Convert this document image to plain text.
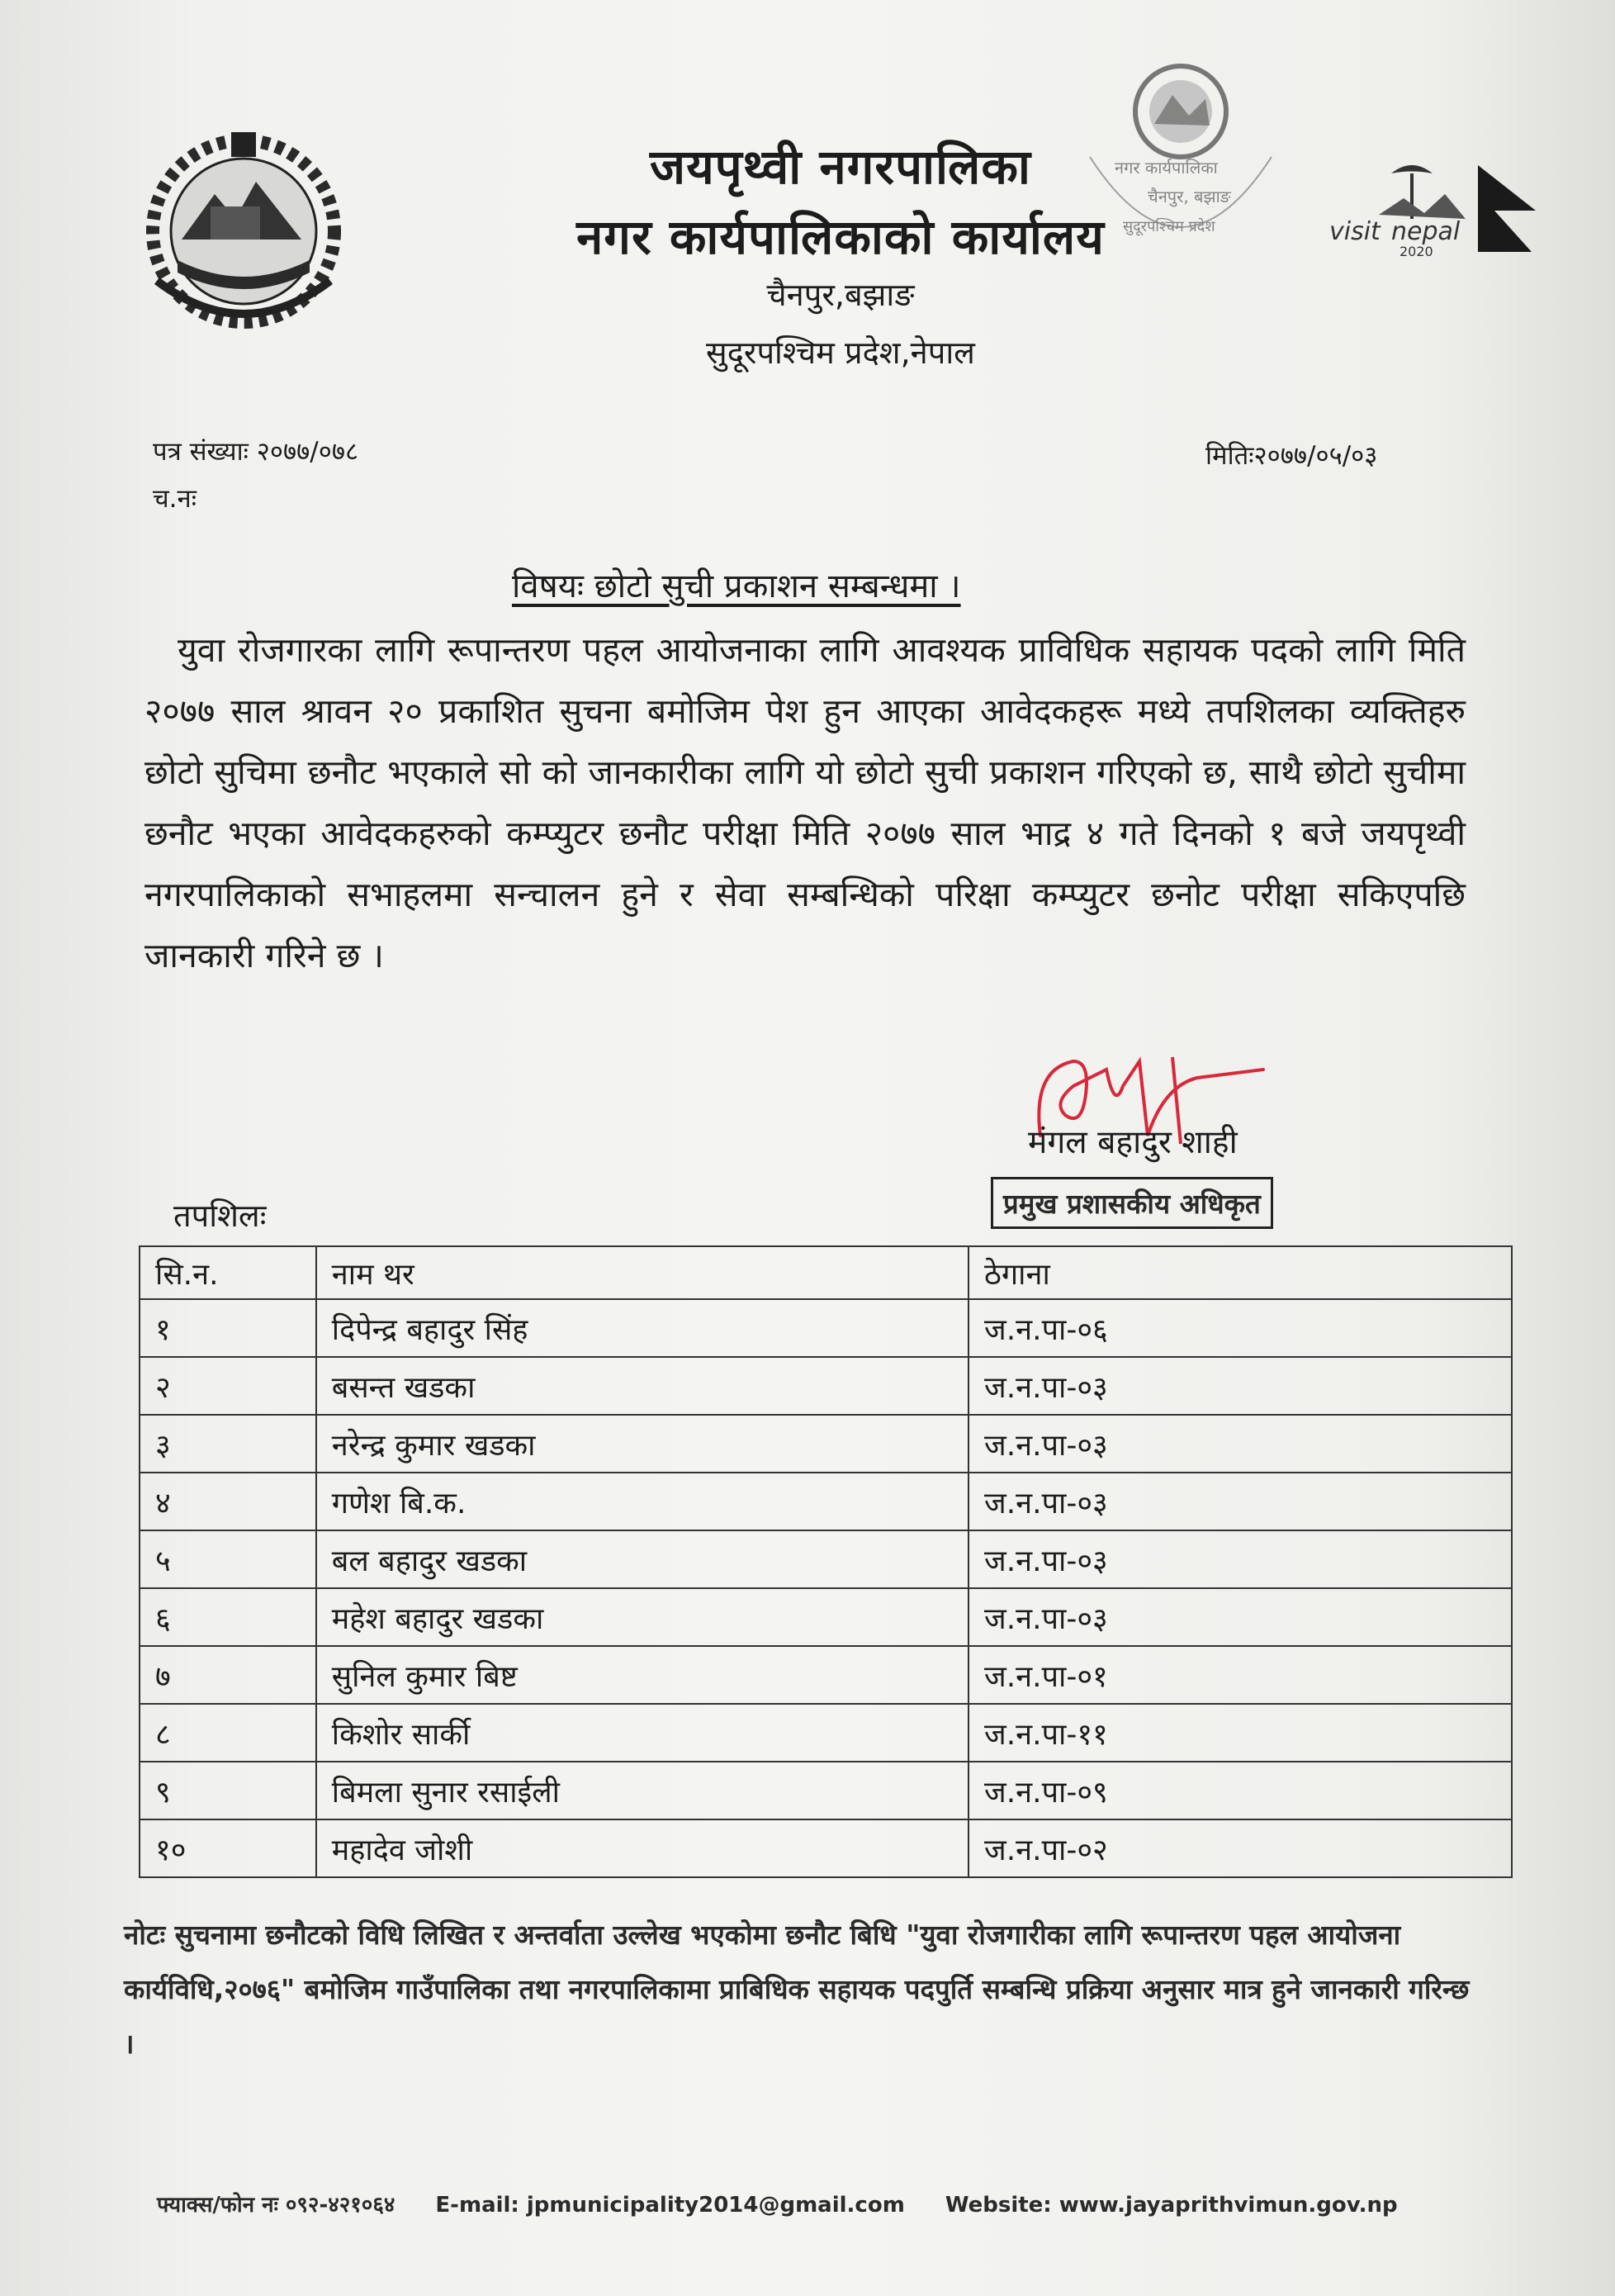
नगर कार्यपालिका
चैनपुर, बझाङ
सुदूरपश्चिम प्रदेश	visit nepal
2020
जयपृथ्वी नगरपालिका
नगर कार्यपालिकाको कार्यालय
चैनपुर,बझाङ
सुदूरपश्चिम प्रदेश,नेपाल
पत्र संख्याः २०७७/०७८
च.नः
मितिः२०७७/०५/०३
विषयः छोटो सुची प्रकाशन सम्बन्धमा ।
युवा रोजगारका लागि रूपान्तरण पहल आयोजनाका लागि आवश्यक प्राविधिक सहायक पदको लागि मिति २०७७ साल श्रावन २० प्रकाशित सुचना बमोजिम पेश हुन आएका आवेदकहरू मध्ये तपशिलका व्यक्तिहरु छोटो सुचिमा छनौट भएकाले सो को जानकारीका लागि यो छोटो सुची प्रकाशन गरिएको छ, साथै छोटो सुचीमा छनौट भएका आवेदकहरुको कम्प्युटर छनौट परीक्षा मिति २०७७ साल भाद्र ४ गते दिनको १ बजे जयपृथ्वी नगरपालिकाको सभाहलमा सन्चालन हुने र सेवा सम्बन्धिको परिक्षा कम्प्युटर छनोट परीक्षा सकिएपछि जानकारी गरिने छ ।
मंगल बहादुर शाही
प्रमुख प्रशासकीय अधिकृत
तपशिलः
सि.न.	नाम थर	ठेगाना
१	दिपेन्द्र बहादुर सिंह	ज.न.पा-०६
२	बसन्त खडका	ज.न.पा-०३
३	नरेन्द्र कुमार खडका	ज.न.पा-०३
४	गणेश बि.क.	ज.न.पा-०३
५	बल बहादुर खडका	ज.न.पा-०३
६	महेश बहादुर खडका	ज.न.पा-०३
७	सुनिल कुमार बिष्ट	ज.न.पा-०१
८	किशोर सार्की	ज.न.पा-११
९	बिमला सुनार रसाईली	ज.न.पा-०९
१०	महादेव जोशी	ज.न.पा-०२
नोटः सुचनामा छनौटको विधि लिखित र अन्तर्वाता उल्लेख भएकोमा छनौट बिधि "युवा रोजगारीका लागि रूपान्तरण पहल आयोजना कार्यविधि,२०७६" बमोजिम गाउँपालिका तथा नगरपालिकामा प्राबिधिक सहायक पदपुर्ति सम्बन्धि प्रक्रिया अनुसार मात्र हुने जानकारी गरिन्छ ।
फ्याक्स/फोन नः ०९२-४२१०६४ E-mail: jpmunicipality2014@gmail.com Website: www.jayaprithvimun.gov.np
